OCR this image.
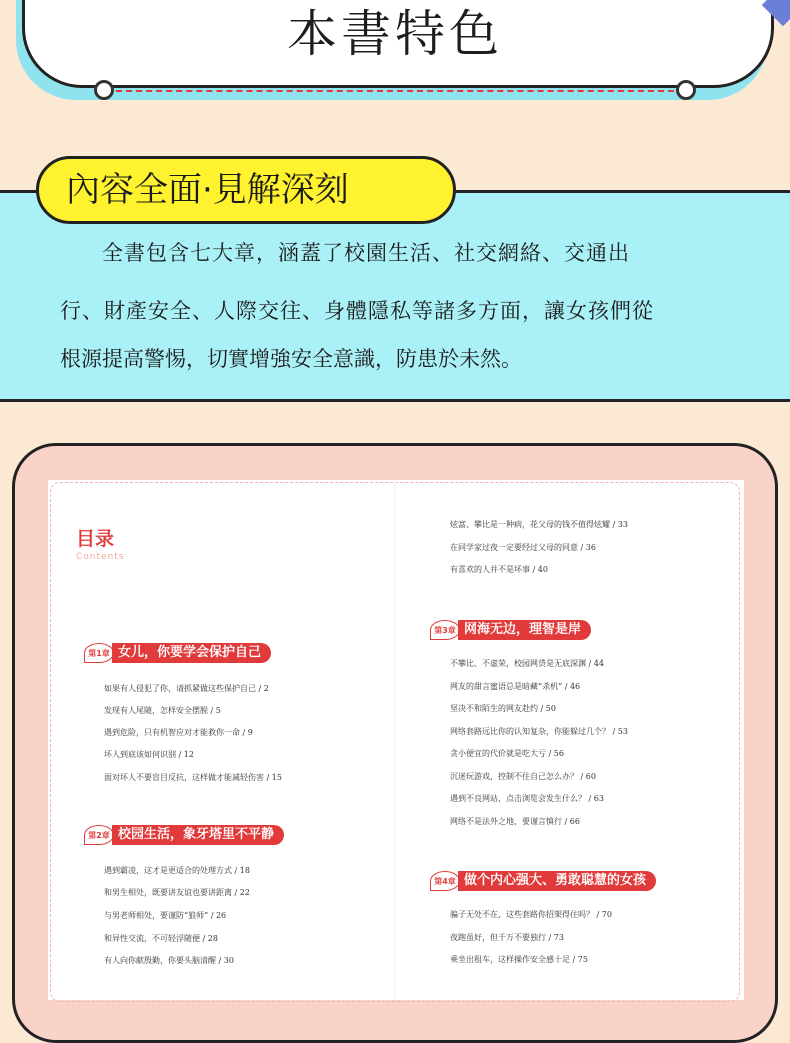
本書特色
內容全面·見解深刻
全書包含七大章，涵蓋了校園生活、社交網絡、交通出
行、財產安全、人際交往、身體隱私等諸多方面，讓女孩們從
根源提高警惕，切實增強安全意識，防患於未然。
目录
Contents
第1章 女儿，你要学会保护自己
如果有人侵犯了你，请抓紧做这些保护自己 / 2
发现有人尾随，怎样安全摆脱 / 5
遇到危险，只有机智应对才能救你一命 / 9
坏人到底该如何识别 / 12
面对坏人不要盲目反抗，这样做才能减轻伤害 / 15
第2章 校园生活，象牙塔里不平静
遇到霸凌，这才是更适合的处理方式 / 18
和男生相处，既要讲友谊也要讲距离 / 22
与男老师相处，要谨防“狼师” / 26
和异性交流，不可轻浮随便 / 28
有人向你献殷勤，你要头脑清醒 / 30
炫富、攀比是一种病，花父母的钱不值得炫耀 / 33
在同学家过夜一定要经过父母的同意 / 36
有喜欢的人并不是坏事 / 40
第3章 网海无边，理智是岸
不攀比、不虚荣，校园网贷是无底深渊 / 44
网友的甜言蜜语总是暗藏“杀机” / 46
坚决不和陌生的网友赴约 / 50
网络套路远比你的认知复杂，你能躲过几个？ / 53
贪小便宜的代价就是吃大亏 / 56
沉迷玩游戏，控制不住自己怎么办？ / 60
遇到不良网站，点击浏览会发生什么？ / 63
网络不是法外之地，要谨言慎行 / 66
第4章 做个内心强大、勇敢聪慧的女孩
骗子无处不在，这些套路你招架得住吗？ / 70
夜跑虽好，但千万不要独行 / 73
乘坐出租车，这样操作安全感十足 / 75
